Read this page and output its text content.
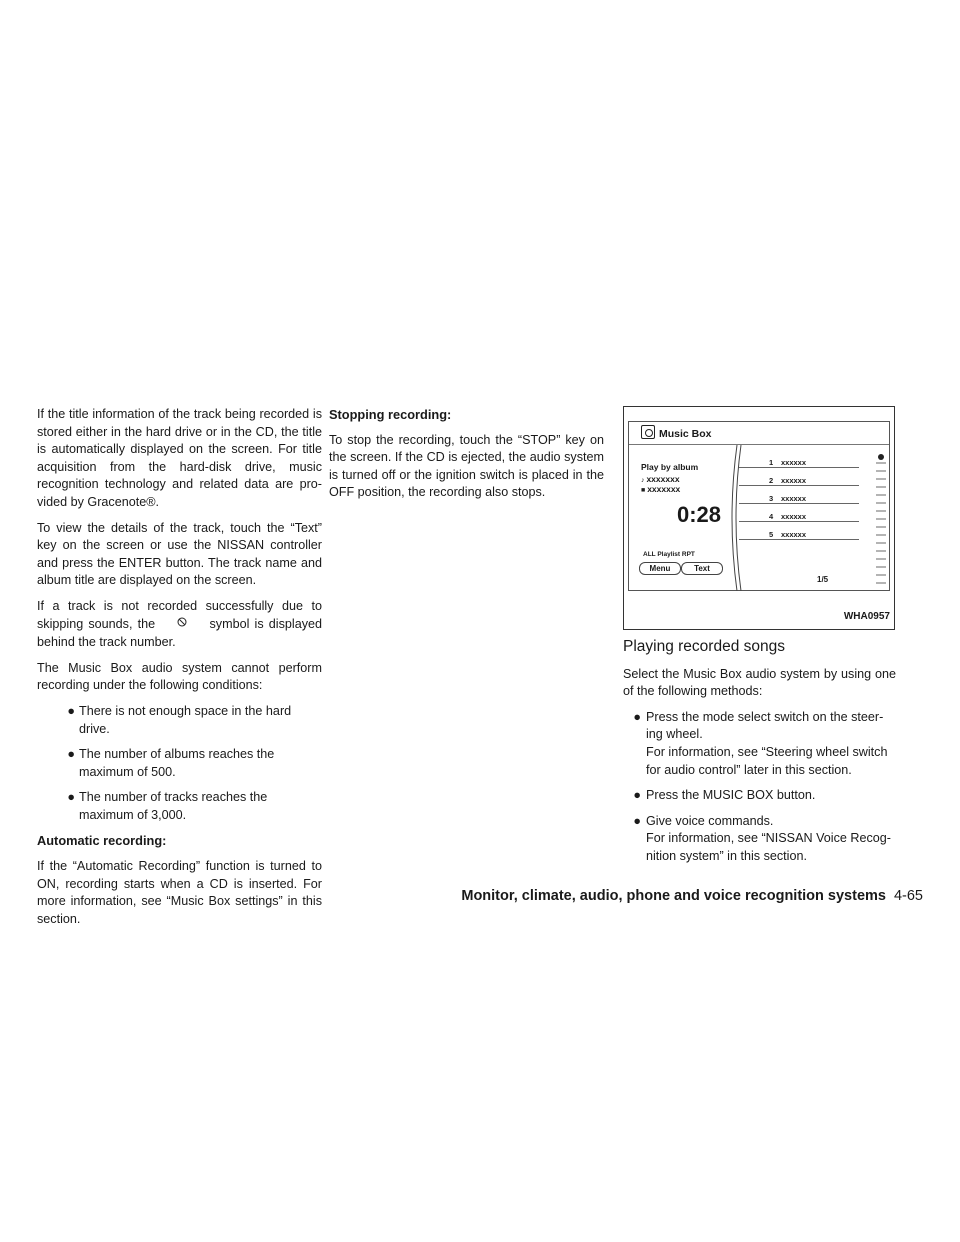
If the title information of the track being recorded is stored either in the hard drive or in the CD, the title is automatically displayed on the screen. For title acquisition from the hard-disk drive, music recognition technology and related data are pro-vided by Gracenote®.

To view the details of the track, touch the “Text” key on the screen or use the NISSAN controller and press the ENTER button. The track name and album title are displayed on the screen.

If a track is not recorded successfully due to skipping sounds, the	symbol is displayed behind the track number.

The Music Box audio system cannot perform recording under the following conditions:

● There is not enough space in the hard drive.
● The number of albums reaches the maximum of 500.
● The number of tracks reaches the maximum of 3,000.
Automatic recording:

If the “Automatic Recording” function is turned to ON, recording starts when a CD is inserted. For more information, see “Music Box settings” in this section.

Stopping recording:

To stop the recording, touch the “STOP” key on the screen. If the CD is ejected, the audio system is turned off or the ignition switch is placed in the OFF position, the recording also stops.

Music Box
Play by album
♪ xxxxxxx
■ xxxxxxx
0:28
ALL Playlist RPT
Menu	Text
1 xxxxxx
2 xxxxxx
3 xxxxxx
4 xxxxxx
5 xxxxxx
1/5
WHA0957
Playing recorded songs

Select the Music Box audio system by using one of the following methods:

● Press the mode select switch on the steer-ing wheel.
For information, see “Steering wheel switch for audio control” later in this section.
● Press the MUSIC BOX button.
● Give voice commands.
For information, see “NISSAN Voice Recog-nition system” in this section.
Monitor, climate, audio, phone and voice recognition systems 4-65
